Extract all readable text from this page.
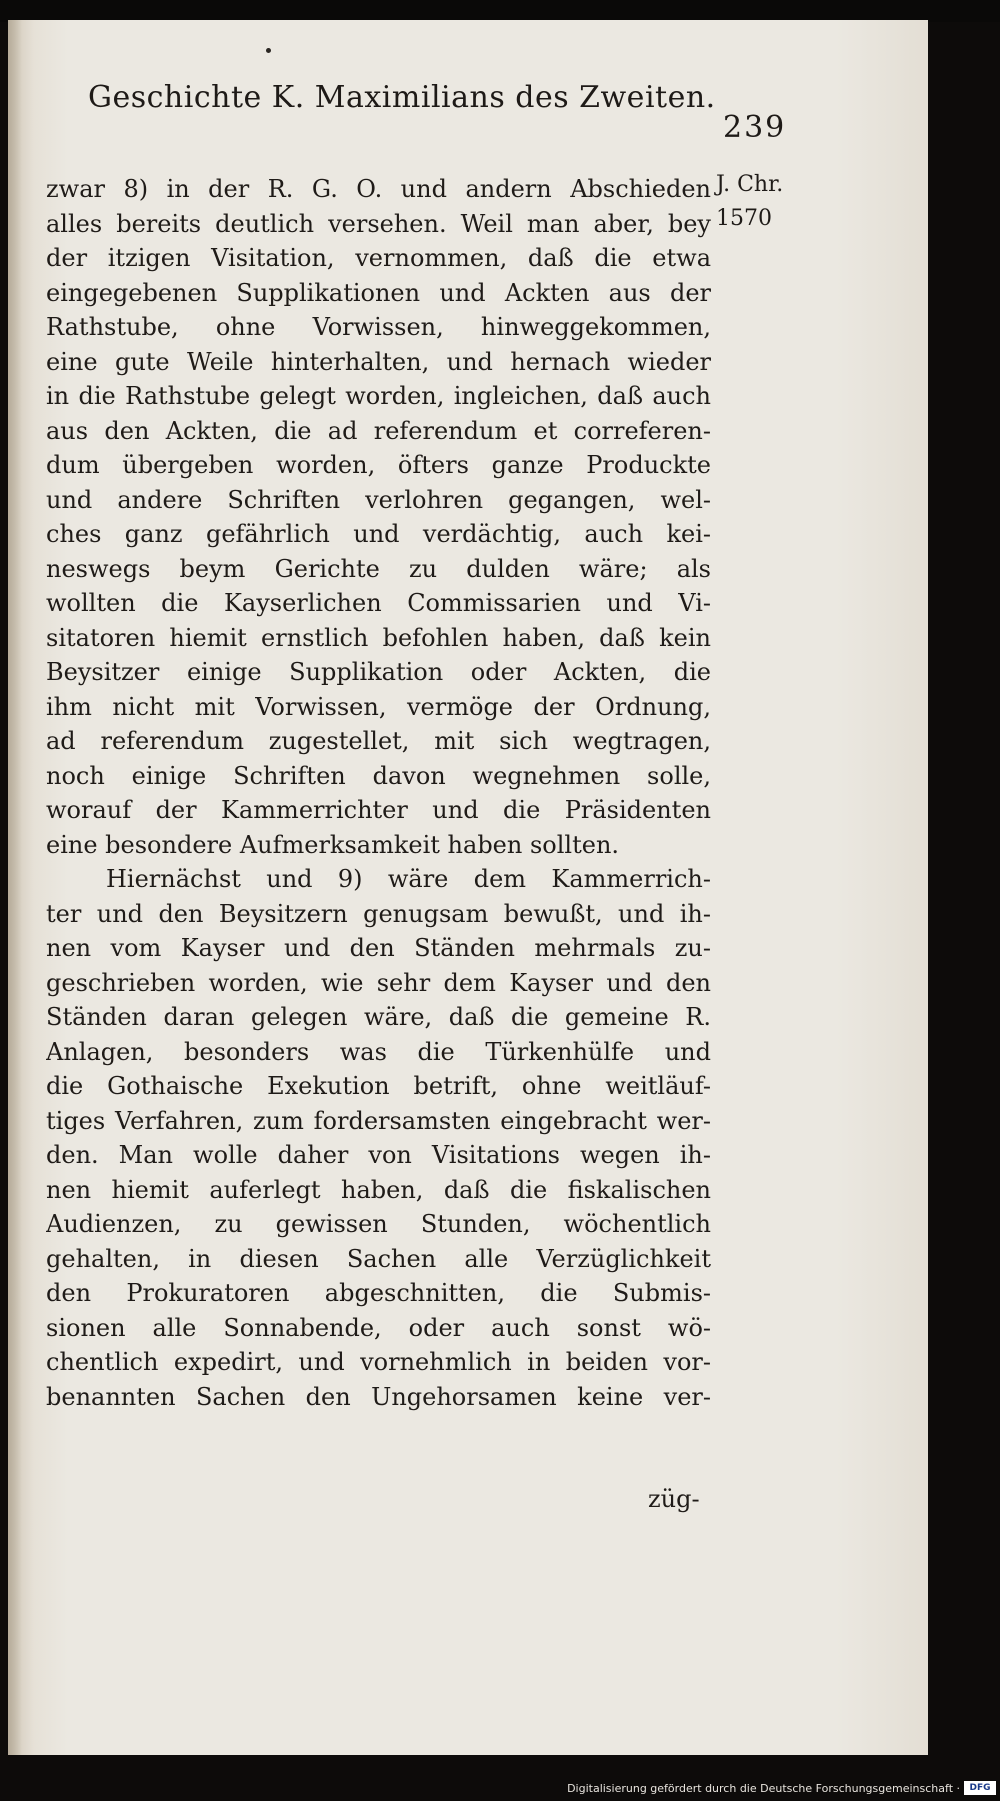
Geschichte K. Maximilians des Zweiten.
239
J. Chr.
1570
zwar 8) in der R. G. O. und andern Abschieden
alles bereits deutlich versehen. Weil man aber, bey
der itzigen Visitation, vernommen, daß die etwa
eingegebenen Supplikationen und Ackten aus der
Rathstube, ohne Vorwissen, hinweggekommen,
eine gute Weile hinterhalten, und hernach wieder
in die Rathstube gelegt worden, ingleichen, daß auch
aus den Ackten, die ad referendum et correferen-
dum übergeben worden, öfters ganze Produckte
und andere Schriften verlohren gegangen, wel-
ches ganz gefährlich und verdächtig, auch kei-
neswegs beym Gerichte zu dulden wäre; als
wollten die Kayserlichen Commissarien und Vi-
sitatoren hiemit ernstlich befohlen haben, daß kein
Beysitzer einige Supplikation oder Ackten, die
ihm nicht mit Vorwissen, vermöge der Ordnung,
ad referendum zugestellet, mit sich wegtragen,
noch einige Schriften davon wegnehmen solle,
worauf der Kammerrichter und die Präsidenten
eine besondere Aufmerksamkeit haben sollten.
Hiernächst und 9) wäre dem Kammerrich-
ter und den Beysitzern genugsam bewußt, und ih-
nen vom Kayser und den Ständen mehrmals zu-
geschrieben worden, wie sehr dem Kayser und den
Ständen daran gelegen wäre, daß die gemeine R.
Anlagen, besonders was die Türkenhülfe und
die Gothaische Exekution betrift, ohne weitläuf-
tiges Verfahren, zum fordersamsten eingebracht wer-
den. Man wolle daher von Visitations wegen ih-
nen hiemit auferlegt haben, daß die fiskalischen
Audienzen, zu gewissen Stunden, wöchentlich
gehalten, in diesen Sachen alle Verzüglichkeit
den Prokuratoren abgeschnitten, die Submis-
sionen alle Sonnabende, oder auch sonst wö-
chentlich expedirt, und vornehmlich in beiden vor-
benannten Sachen den Ungehorsamen keine ver-
züg-
Digitalisierung gefördert durch die Deutsche Forschungsgemeinschaft ·	DFG
